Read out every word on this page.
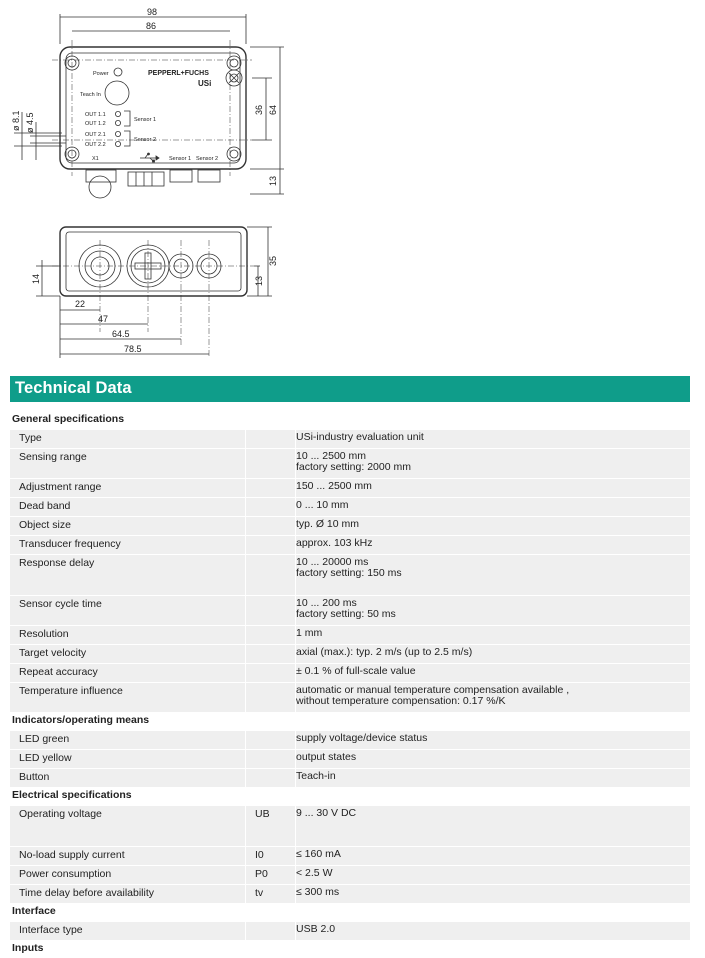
98
86
36 64
13
ø 8.1 ø 4.5
14
35
13
22
47
64.5
78.5
Power
Teach In
OUT 1.1
OUT 1.2
OUT 2.1
OUT 2.2
Sensor 1
Sensor 2
X1	Sensor 1 Sensor 2
PEPPERL+FUCHS
USi
Technical Data
General specifications		
Type		USi-industry evaluation unit

Sensing range		10 ... 2500 mm
factory setting: 2000 mm

Adjustment range		150 ... 2500 mm

Dead band		0 ... 10 mm

Object size		typ. Ø 10 mm

Transducer frequency		approx. 103 kHz

Response delay		10 ... 20000 ms
factory setting: 150 ms

Sensor cycle time		10 ... 200 ms
factory setting: 50 ms

Resolution		1 mm

Target velocity		axial (max.): typ. 2 m/s (up to 2.5 m/s)

Repeat accuracy		± 0.1 % of full-scale value

Temperature influence		automatic or manual temperature compensation available ,
without temperature compensation: 0.17 %/K

Indicators/operating means		
LED green		supply voltage/device status

LED yellow		output states

Button		Teach-in

Electrical specifications		
Operating voltage	UB	9 ... 30 V DC

No-load supply current	I0	≤ 160 mA

Power consumption	P0	< 2.5 W

Time delay before availability	tv	≤ 300 ms

Interface		
Interface type		USB 2.0

Inputs		
